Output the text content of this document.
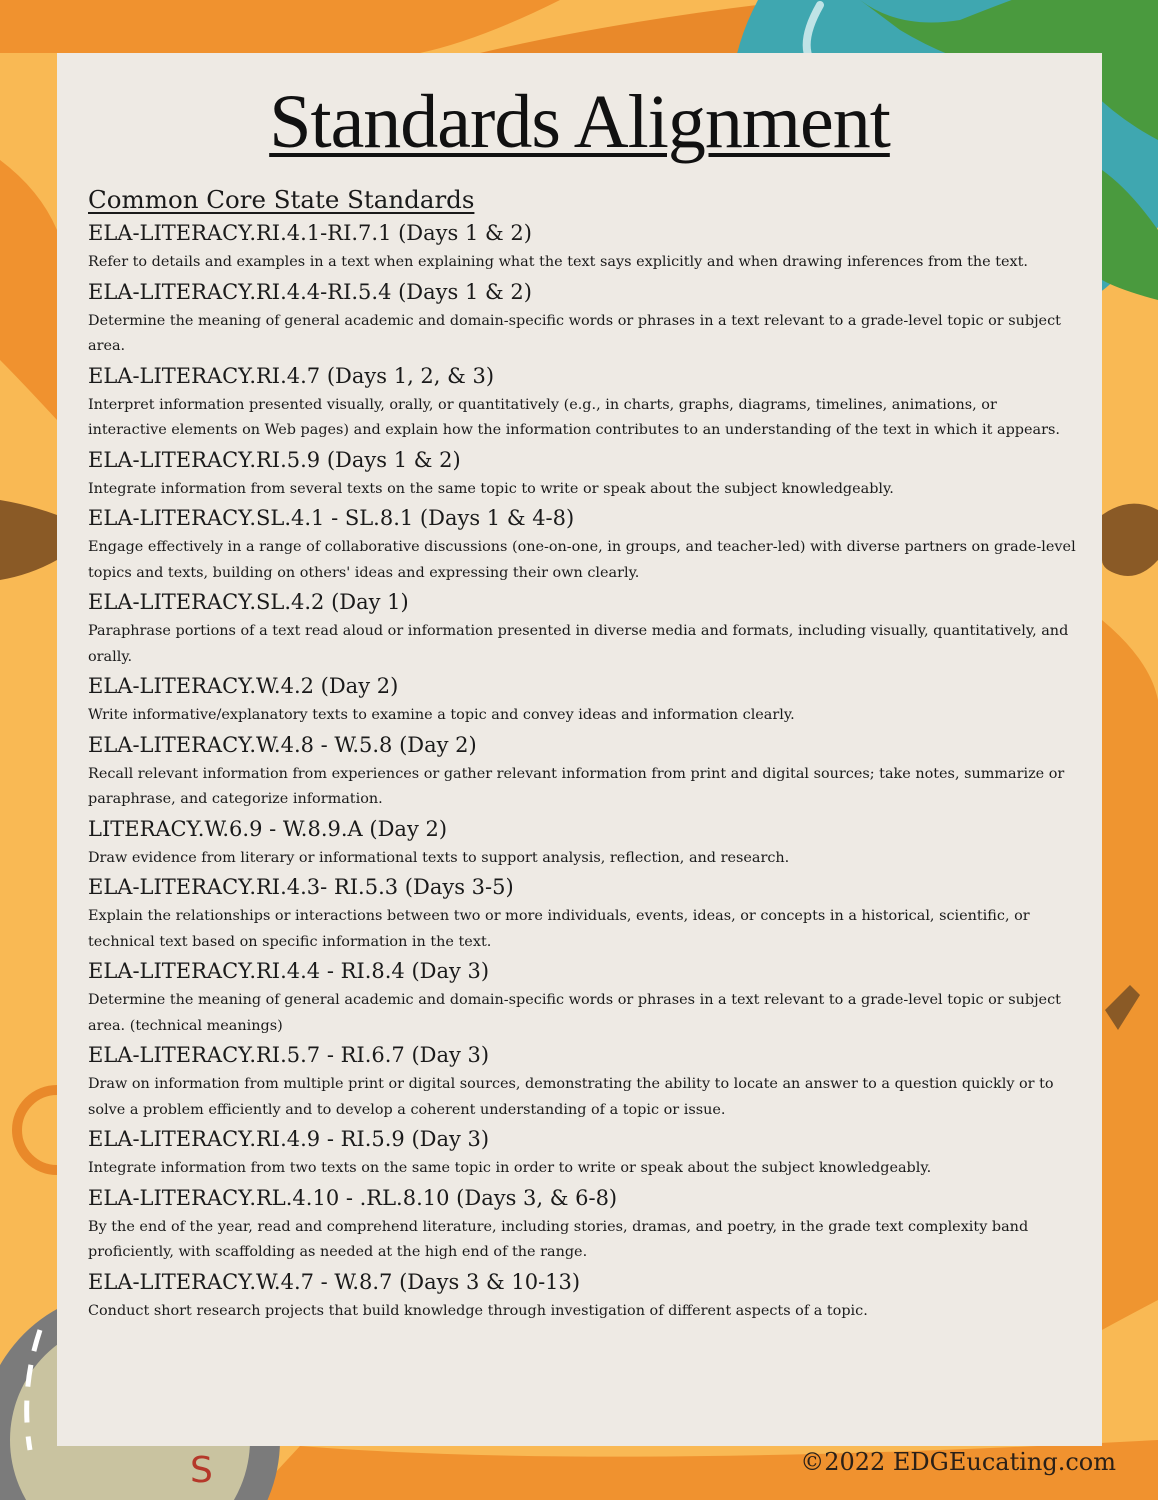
S
Standards Alignment
Common Core State Standards
ELA-LITERACY.RI.4.1-RI.7.1 (Days 1 & 2)
Refer to details and examples in a text when explaining what the text says explicitly and when drawing inferences from the text.
ELA-LITERACY.RI.4.4-RI.5.4 (Days 1 & 2)
Determine the meaning of general academic and domain-specific words or phrases in a text relevant to a grade-level topic or subject area.
ELA-LITERACY.RI.4.7 (Days 1, 2, & 3)
Interpret information presented visually, orally, or quantitatively (e.g., in charts, graphs, diagrams, timelines, animations, or interactive elements on Web pages) and explain how the information contributes to an understanding of the text in which it appears.
ELA-LITERACY.RI.5.9 (Days 1 & 2)
Integrate information from several texts on the same topic to write or speak about the subject knowledgeably.
ELA-LITERACY.SL.4.1 - SL.8.1 (Days 1 & 4-8)
Engage effectively in a range of collaborative discussions (one-on-one, in groups, and teacher-led) with diverse partners on grade-level topics and texts, building on others' ideas and expressing their own clearly.
ELA-LITERACY.SL.4.2 (Day 1)
Paraphrase portions of a text read aloud or information presented in diverse media and formats, including visually, quantitatively, and orally.
ELA-LITERACY.W.4.2 (Day 2)
Write informative/explanatory texts to examine a topic and convey ideas and information clearly.
ELA-LITERACY.W.4.8 - W.5.8 (Day 2)
Recall relevant information from experiences or gather relevant information from print and digital sources; take notes, summarize or paraphrase, and categorize information.
LITERACY.W.6.9 - W.8.9.A (Day 2)
Draw evidence from literary or informational texts to support analysis, reflection, and research.
ELA-LITERACY.RI.4.3- RI.5.3 (Days 3-5)
Explain the relationships or interactions between two or more individuals, events, ideas, or concepts in a historical, scientific, or technical text based on specific information in the text.
ELA-LITERACY.RI.4.4 - RI.8.4 (Day 3)
Determine the meaning of general academic and domain-specific words or phrases in a text relevant to a grade-level topic or subject area. (technical meanings)
ELA-LITERACY.RI.5.7 - RI.6.7 (Day 3)
Draw on information from multiple print or digital sources, demonstrating the ability to locate an answer to a question quickly or to solve a problem efficiently and to develop a coherent understanding of a topic or issue.
ELA-LITERACY.RI.4.9 - RI.5.9 (Day 3)
Integrate information from two texts on the same topic in order to write or speak about the subject knowledgeably.
ELA-LITERACY.RL.4.10 - .RL.8.10 (Days 3, & 6-8)
By the end of the year, read and comprehend literature, including stories, dramas, and poetry, in the grade text complexity band proficiently, with scaffolding as needed at the high end of the range.
ELA-LITERACY.W.4.7 - W.8.7 (Days 3 & 10-13)
Conduct short research projects that build knowledge through investigation of different aspects of a topic.
©2022 EDGEucating.com
